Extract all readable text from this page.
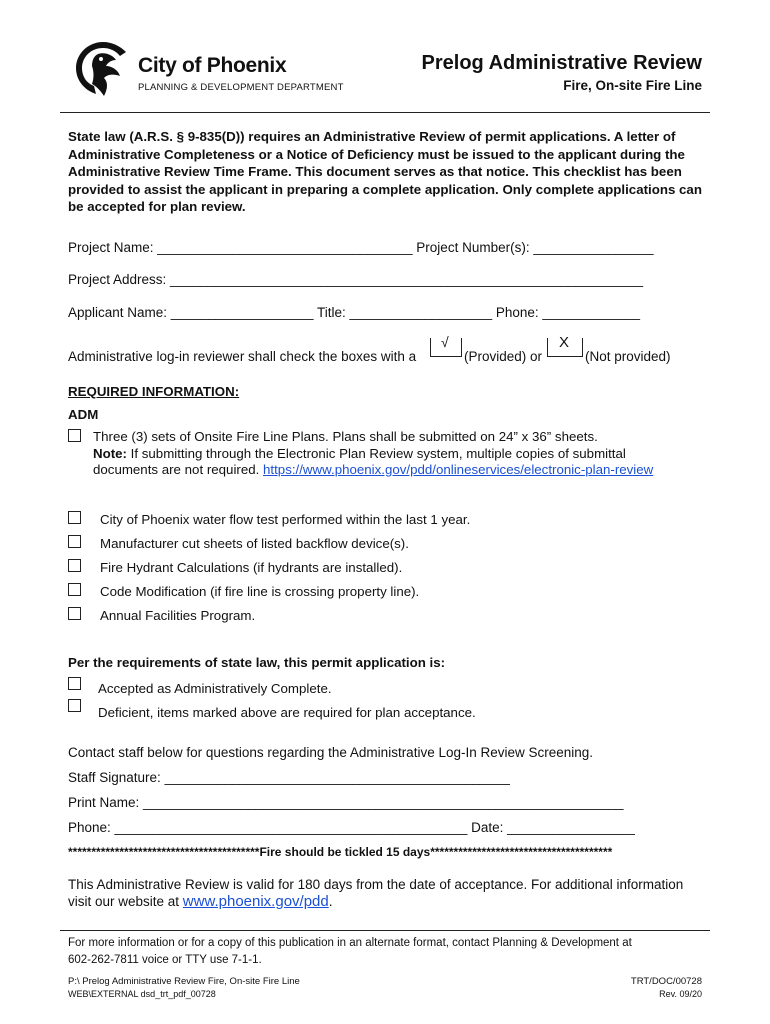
City of Phoenix
PLANNING & DEVELOPMENT DEPARTMENT
Prelog Administrative Review
Fire, On-site Fire Line
State law (A.R.S. § 9-835(D)) requires an Administrative Review of permit applications. A letter of Administrative Completeness or a Notice of Deficiency must be issued to the applicant during the Administrative Review Time Frame. This document serves as that notice. This checklist has been provided to assist the applicant in preparing a complete application. Only complete applications can be accepted for plan review.
Project Name: __________________________________ Project Number(s): ________________
Project Address: _______________________________________________________________
Applicant Name: ___________________ Title: ___________________ Phone: _____________
Administrative log-in reviewer shall check the boxes with a
√
(Provided) or
X
(Not provided)
REQUIRED INFORMATION:
ADM
Three (3) sets of Onsite Fire Line Plans. Plans shall be submitted on 24” x 36” sheets.
Note: If submitting through the Electronic Plan Review system, multiple copies of submittal
documents are not required. https://www.phoenix.gov/pdd/onlineservices/electronic-plan-review
City of Phoenix water flow test performed within the last 1 year.
Manufacturer cut sheets of listed backflow device(s).
Fire Hydrant Calculations (if hydrants are installed).
Code Modification (if fire line is crossing property line).
Annual Facilities Program.
Per the requirements of state law, this permit application is:
Accepted as Administratively Complete.
Deficient, items marked above are required for plan acceptance.
Contact staff below for questions regarding the Administrative Log-In Review Screening.
Staff Signature: ______________________________________________
Print Name: ________________________________________________________________
Phone: _______________________________________________ Date: _________________
*****************************************Fire should be tickled 15 days***************************************
This Administrative Review is valid for 180 days from the date of acceptance. For additional information
visit our website at www.phoenix.gov/pdd.
For more information or for a copy of this publication in an alternate format, contact Planning & Development at
602-262-7811 voice or TTY use 7-1-1.
P:\ Prelog Administrative Review Fire, On-site Fire Line
WEB\EXTERNAL dsd_trt_pdf_00728
TRT/DOC/00728
Rev. 09/20
